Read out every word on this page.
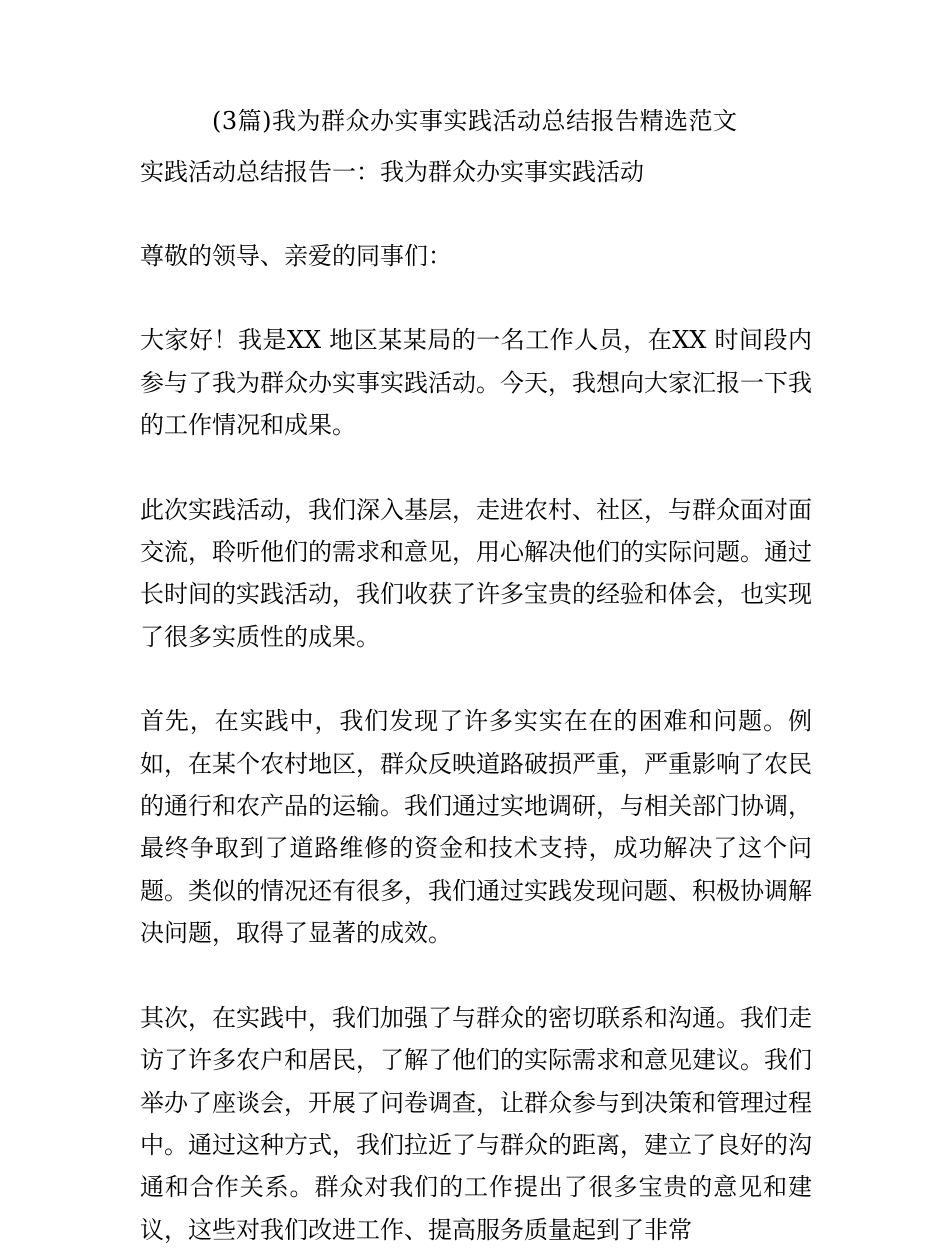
(3篇)我为群众办实事实践活动总结报告精选范文

实践活动总结报告一：我为群众办实事实践活动

尊敬的领导、亲爱的同事们：

大家好！我是XX 地区某某局的一名工作人员，在XX 时间段内参与了我为群众办实事实践活动。今天，我想向大家汇报一下我的工作情况和成果。

此次实践活动，我们深入基层，走进农村、社区，与群众面对面交流，聆听他们的需求和意见，用心解决他们的实际问题。通过长时间的实践活动，我们收获了许多宝贵的经验和体会，也实现了很多实质性的成果。

首先，在实践中，我们发现了许多实实在在的困难和问题。例如，在某个农村地区，群众反映道路破损严重，严重影响了农民的通行和农产品的运输。我们通过实地调研，与相关部门协调，最终争取到了道路维修的资金和技术支持，成功解决了这个问题。类似的情况还有很多，我们通过实践发现问题、积极协调解决问题，取得了显著的成效。

其次，在实践中，我们加强了与群众的密切联系和沟通。我们走访了许多农户和居民，了解了他们的实际需求和意见建议。我们举办了座谈会，开展了问卷调查，让群众参与到决策和管理过程中。通过这种方式，我们拉近了与群众的距离，建立了良好的沟通和合作关系。群众对我们的工作提出了很多宝贵的意见和建议，这些对我们改进工作、提高服务质量起到了非常
